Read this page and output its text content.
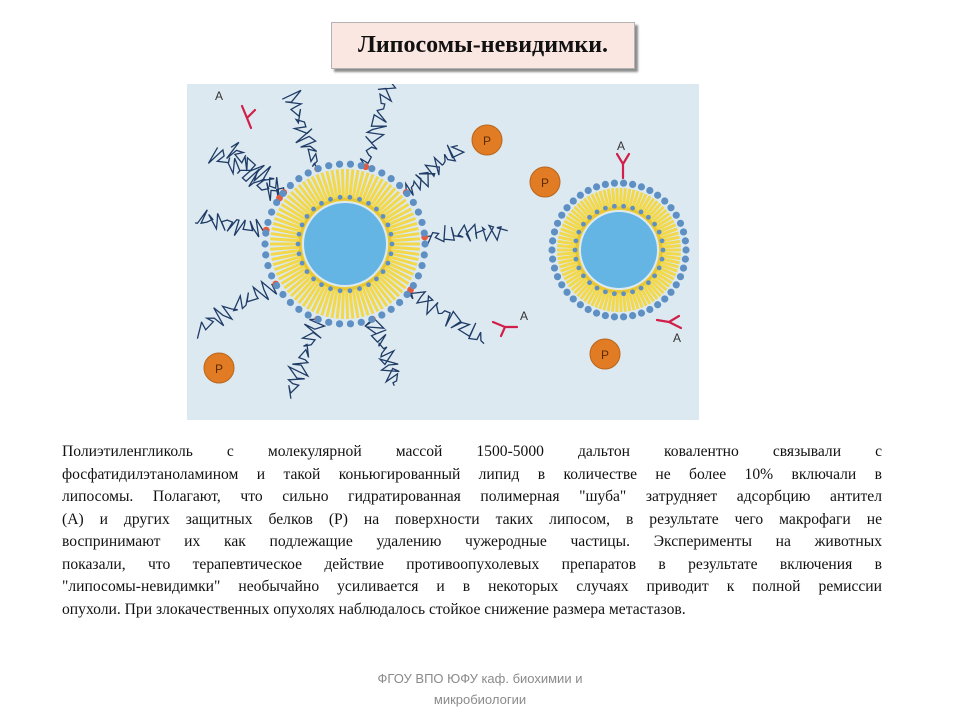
Липосомы-невидимки.
А
А
А
А
Р
Р
Р
Р
Полиэтиленгликоль с молекулярной массой 1500-5000 дальтон ковалентно связывали с
фосфатидилэтаноламином и такой коньюгированный липид в количестве не более 10% включали в
липосомы. Полагают, что сильно гидратированная полимерная "шуба" затрудняет адсорбцию антител
(А) и других защитных белков (Р) на поверхности таких липосом, в результате чего макрофаги не
воспринимают их как подлежащие удалению чужеродные частицы. Эксперименты на животных
показали, что терапевтическое действие противоопухолевых препаратов в результате включения в
"липосомы-невидимки" необычайно усиливается и в некоторых случаях приводит к полной ремиссии
опухоли. При злокачественных опухолях наблюдалось стойкое снижение размера метастазов.
ФГОУ ВПО ЮФУ каф. биохимии и
микробиологии
